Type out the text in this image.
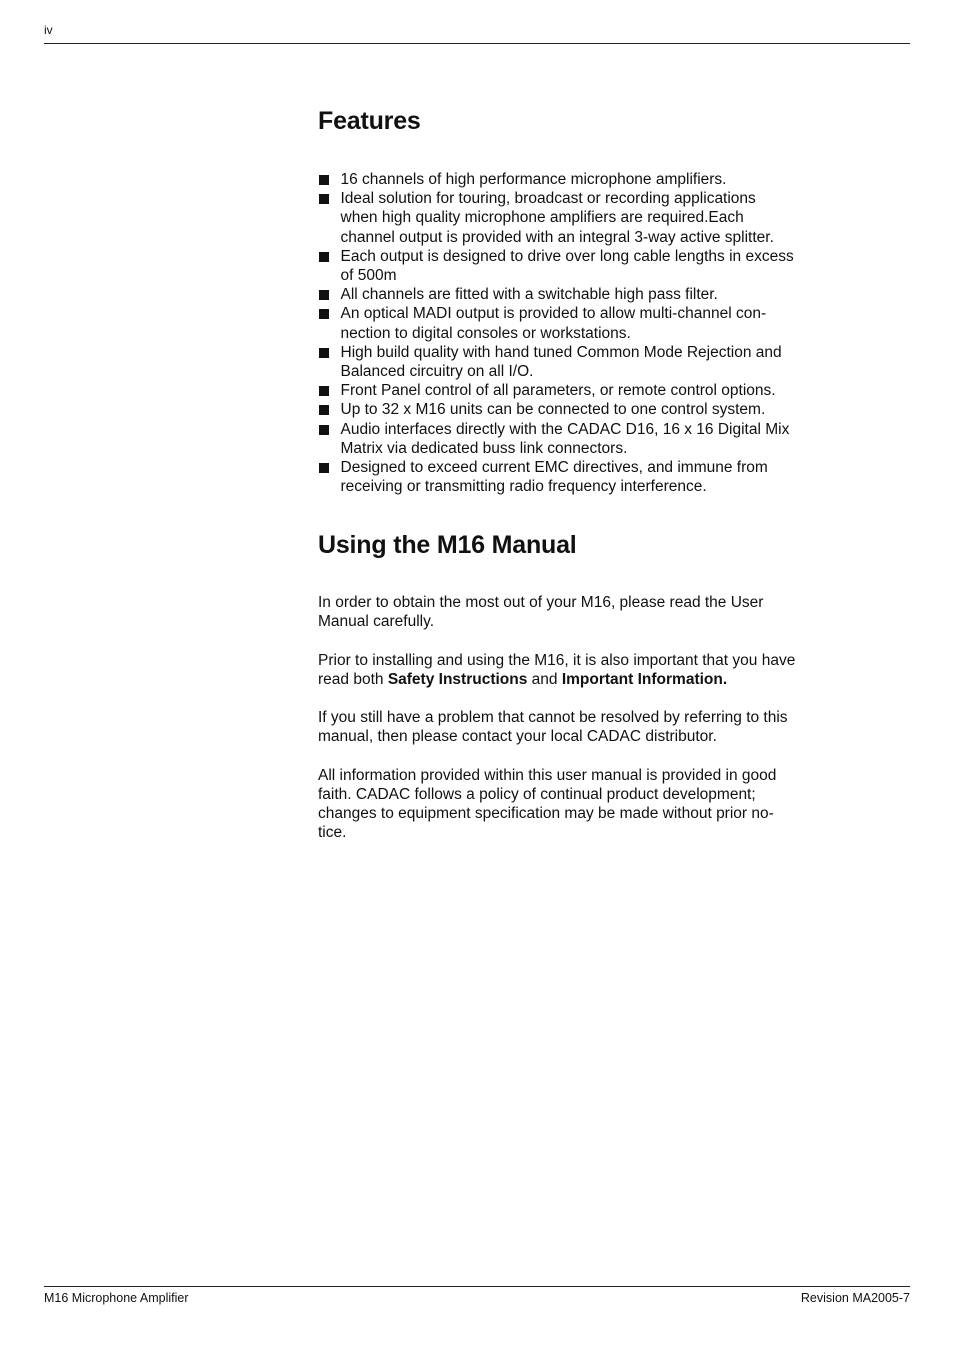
iv
Features
16 channels of high performance microphone amplifiers.
Ideal solution for touring, broadcast or recording applications when high quality microphone amplifiers are required.Each channel output is provided with an integral 3-way active splitter.
Each output is designed to drive over long cable lengths in excess of 500m
All channels are fitted with a switchable high pass filter.
An optical MADI output is provided to allow multi-channel con-nection to digital consoles or workstations.
High build quality with hand tuned Common Mode Rejection and Balanced circuitry on all I/O.
Front Panel control of all parameters, or remote control options.
Up to 32 x M16 units can be connected to one control system.
Audio interfaces directly with the CADAC D16, 16 x 16 Digital Mix Matrix via dedicated buss link connectors.
Designed to exceed current EMC directives, and immune from receiving or transmitting radio frequency interference.
Using the M16 Manual

In order to obtain the most out of your M16, please read the User Manual carefully.

Prior to installing and using the M16, it is also important that you have read both Safety Instructions and Important Information.

If you still have a problem that cannot be resolved by referring to this manual, then please contact your local CADAC distributor.

All information provided within this user manual is provided in good faith. CADAC follows a policy of continual product development; changes to equipment specification may be made without prior no-tice.

M16 Microphone Amplifier	Revision MA2005-7
